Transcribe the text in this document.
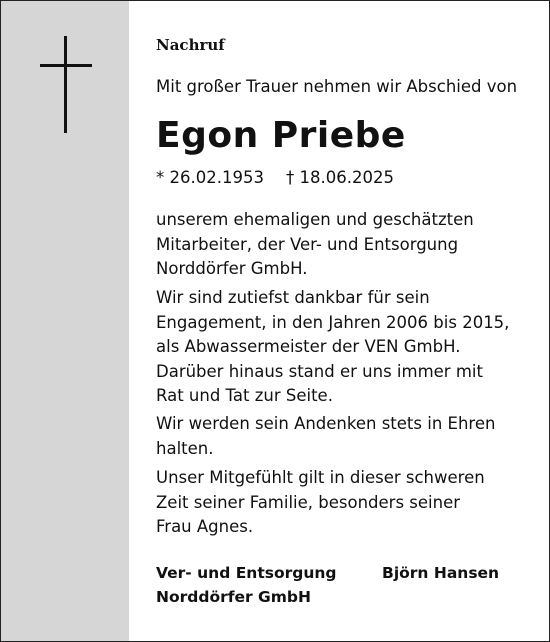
Nachruf
Mit großer Trauer nehmen wir Abschied von
Egon Priebe
* 26.02.1953 † 18.06.2025
unserem ehemaligen und geschätzten
Mitarbeiter, der Ver- und Entsorgung
Norddörfer GmbH.
Wir sind zutiefst dankbar für sein
Engagement, in den Jahren 2006 bis 2015,
als Abwassermeister der VEN GmbH.
Darüber hinaus stand er uns immer mit
Rat und Tat zur Seite.
Wir werden sein Andenken stets in Ehren
halten.
Unser Mitgefühlt gilt in dieser schweren
Zeit seiner Familie, besonders seiner
Frau Agnes.
Ver- und Entsorgung
Norddörfer GmbH
Björn Hansen
